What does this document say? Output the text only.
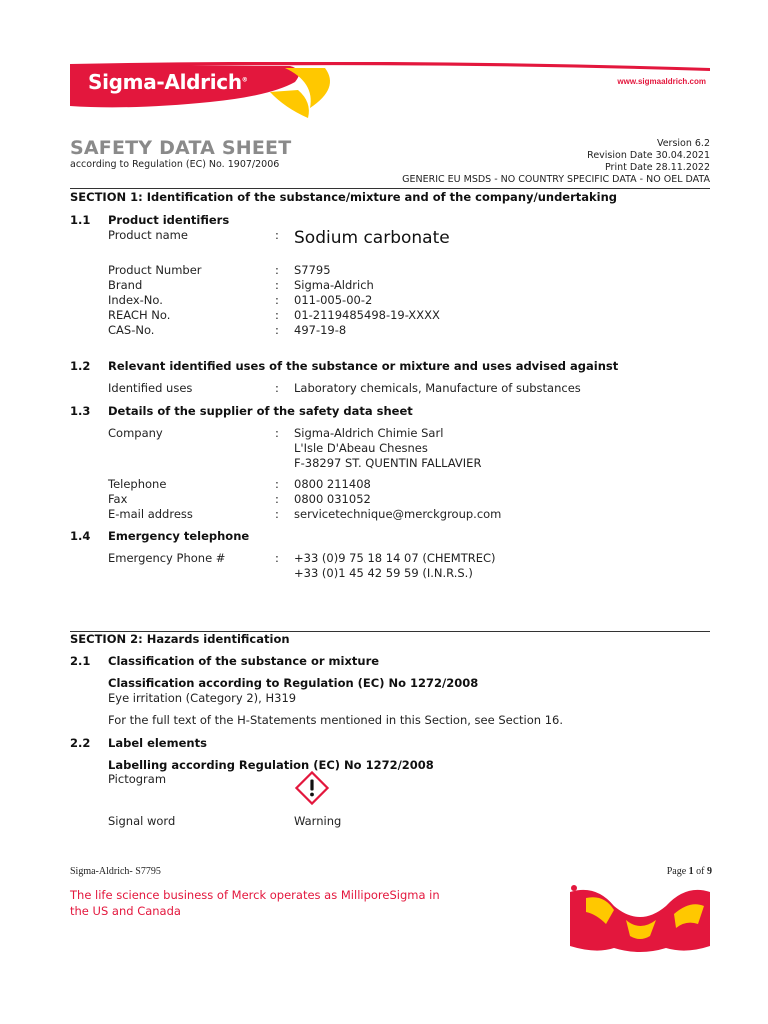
Sigma-Aldrich®	www.sigmaaldrich.com
SAFETY DATA SHEET
according to Regulation (EC) No. 1907/2006
Version 6.2
Revision Date 30.04.2021
Print Date 28.11.2022
GENERIC EU MSDS - NO COUNTRY SPECIFIC DATA - NO OEL DATA
SECTION 1: Identification of the substance/mixture and of the company/undertaking
1.1 Product identifiers
Product name	: Sodium carbonate
Product Number	: S7795
Brand	: Sigma-Aldrich
Index-No.	: 011-005-00-2
REACH No.	: 01-2119485498-19-XXXX
CAS-No.	: 497-19-8
1.2 Relevant identified uses of the substance or mixture and uses advised against
Identified uses	: Laboratory chemicals, Manufacture of substances
1.3 Details of the supplier of the safety data sheet
Company	: Sigma-Aldrich Chimie Sarl
L'Isle D'Abeau Chesnes
F-38297 ST. QUENTIN FALLAVIER
Telephone	: 0800 211408
Fax	: 0800 031052
E-mail address	: servicetechnique@merckgroup.com
1.4 Emergency telephone
Emergency Phone #	: +33 (0)9 75 18 14 07 (CHEMTREC)
+33 (0)1 45 42 59 59 (I.N.R.S.)
SECTION 2: Hazards identification
2.1 Classification of the substance or mixture
Classification according to Regulation (EC) No 1272/2008
Eye irritation (Category 2), H319
For the full text of the H-Statements mentioned in this Section, see Section 16.
2.2 Label elements
Labelling according Regulation (EC) No 1272/2008
Pictogram
Signal word	Warning
Sigma-Aldrich- S7795	Page 1 of 9
The life science business of Merck operates as MilliporeSigma in
the US and Canada
